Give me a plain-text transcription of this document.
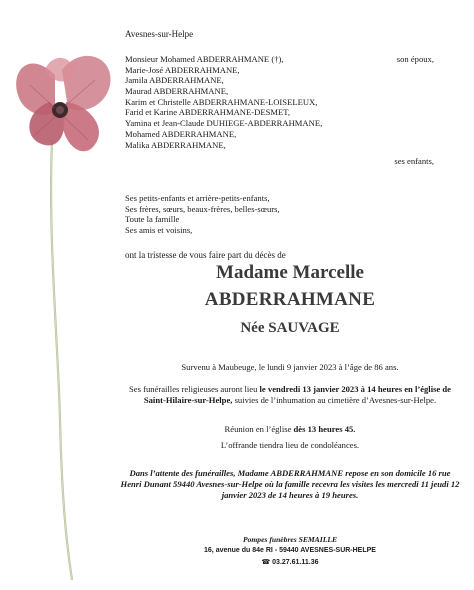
Avesnes-sur-Helpe
Monsieur Mohamed ABDERRAHMANE (†),
Marie-José ABDERRAHMANE,
Jamila ABDERRAHMANE,
Maurad ABDERRAHMANE,
Karim et Christelle ABDERRAHMANE-LOISELEUX,
Farid et Karine ABDERRAHMANE-DESMET,
Yamina et Jean-Claude DUHIEGE-ABDERRAHMANE,
Mohamed ABDERRAHMANE,
Malika ABDERRAHMANE,
son époux,
ses enfants,
Ses petits-enfants et arrière-petits-enfants,
Ses frères, sœurs, beaux-frères, belles-sœurs,
Toute la famille
Ses amis et voisins,
ont la tristesse de vous faire part du décès de
Madame Marcelle
ABDERRAHMANE
Née SAUVAGE
Survenu à Maubeuge, le lundi 9 janvier 2023 à l’âge de 86 ans.
Ses funérailles religieuses auront lieu le vendredi 13 janvier 2023 à 14 heures en l’église de Saint-Hilaire-sur-Helpe, suivies de l’inhumation au cimetière d’Avesnes-sur-Helpe.
Réunion en l’église dès 13 heures 45.
L’offrande tiendra lieu de condoléances.
Dans l’attente des funérailles, Madame ABDERRAHMANE repose en son domicile 16 rue Henri Dunant 59440 Avesnes-sur-Helpe où la famille recevra les visites les mercredi 11 jeudi 12 janvier 2023 de 14 heures à 19 heures.
Pompes funèbres SEMAILLE
16, avenue du 84e RI - 59440 AVESNES-SUR-HELPE
☎ 03.27.61.11.36
